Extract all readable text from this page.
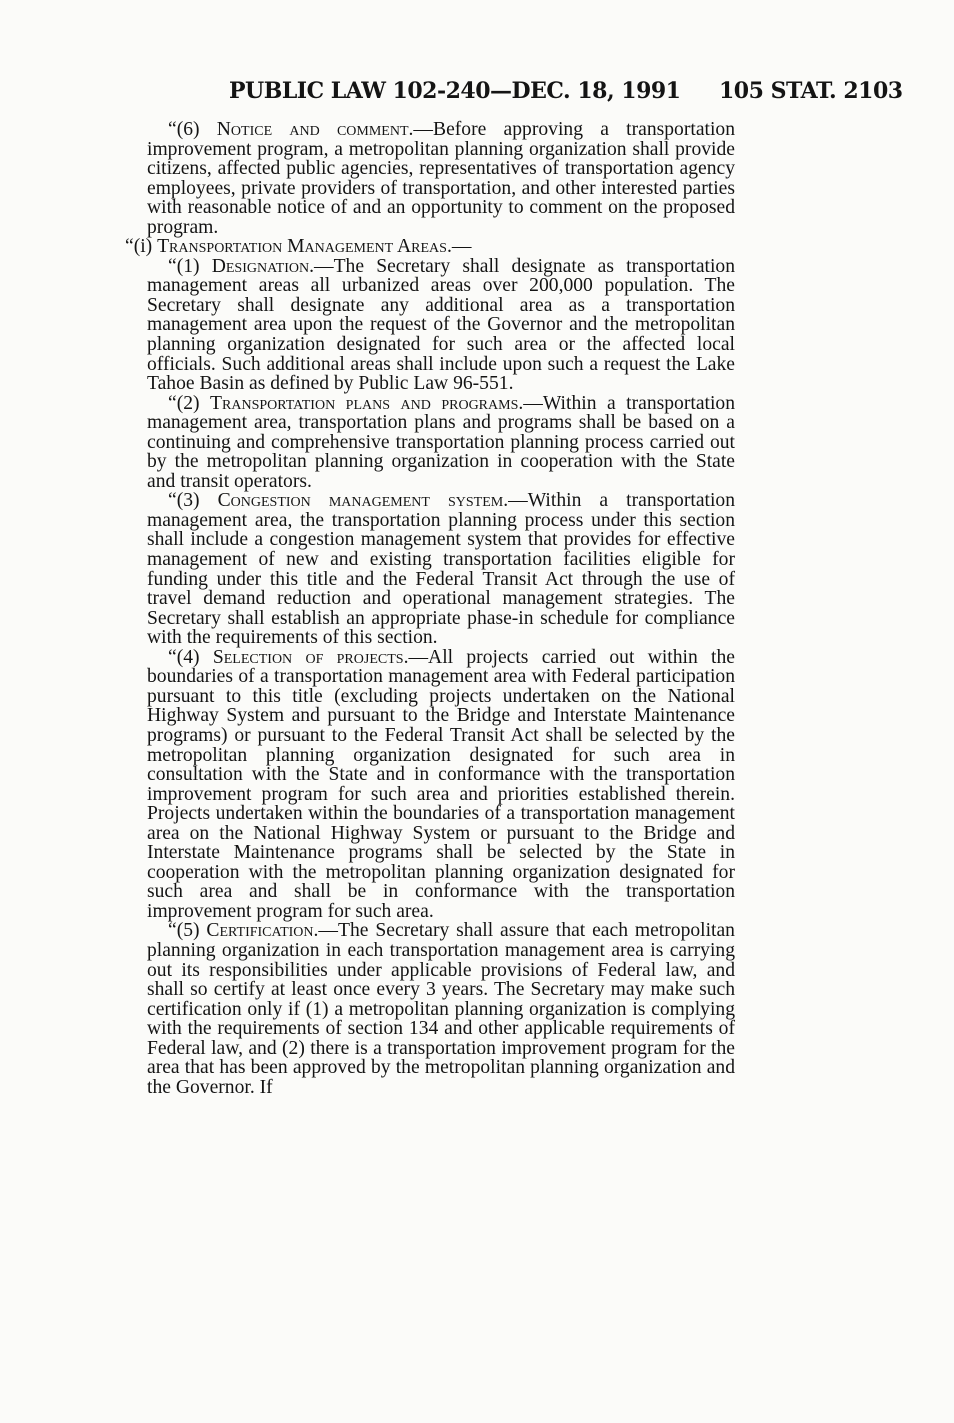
PUBLIC LAW 102-240—DEC. 18, 1991 105 STAT. 2103

“(6) Notice and comment.—Before approving a transportation improvement program, a metropolitan planning organization shall provide citizens, affected public agencies, representatives of transportation agency employees, private providers of transportation, and other interested parties with reasonable notice of and an opportunity to comment on the proposed program.

“(i) Transportation Management Areas.—

“(1) Designation.—The Secretary shall designate as transportation management areas all urbanized areas over 200,000 population. The Secretary shall designate any additional area as a transportation management area upon the request of the Governor and the metropolitan planning organization designated for such area or the affected local officials. Such additional areas shall include upon such a request the Lake Tahoe Basin as defined by Public Law 96-551.

“(2) Transportation plans and programs.—Within a transportation management area, transportation plans and programs shall be based on a continuing and comprehensive transportation planning process carried out by the metropolitan planning organization in cooperation with the State and transit operators.

“(3) Congestion management system.—Within a transportation management area, the transportation planning process under this section shall include a congestion management system that provides for effective management of new and existing transportation facilities eligible for funding under this title and the Federal Transit Act through the use of travel demand reduction and operational management strategies. The Secretary shall establish an appropriate phase-in schedule for compliance with the requirements of this section.

“(4) Selection of projects.—All projects carried out within the boundaries of a transportation management area with Federal participation pursuant to this title (excluding projects undertaken on the National Highway System and pursuant to the Bridge and Interstate Maintenance programs) or pursuant to the Federal Transit Act shall be selected by the metropolitan planning organization designated for such area in consultation with the State and in conformance with the transportation improvement program for such area and priorities established therein. Projects undertaken within the boundaries of a transportation management area on the National Highway System or pursuant to the Bridge and Interstate Maintenance programs shall be selected by the State in cooperation with the metropolitan planning organization designated for such area and shall be in conformance with the transportation improvement program for such area.

“(5) Certification.—The Secretary shall assure that each metropolitan planning organization in each transportation management area is carrying out its responsibilities under applicable provisions of Federal law, and shall so certify at least once every 3 years. The Secretary may make such certification only if (1) a metropolitan planning organization is complying with the requirements of section 134 and other applicable requirements of Federal law, and (2) there is a transportation improvement program for the area that has been approved by the metropolitan planning organization and the Governor. If
